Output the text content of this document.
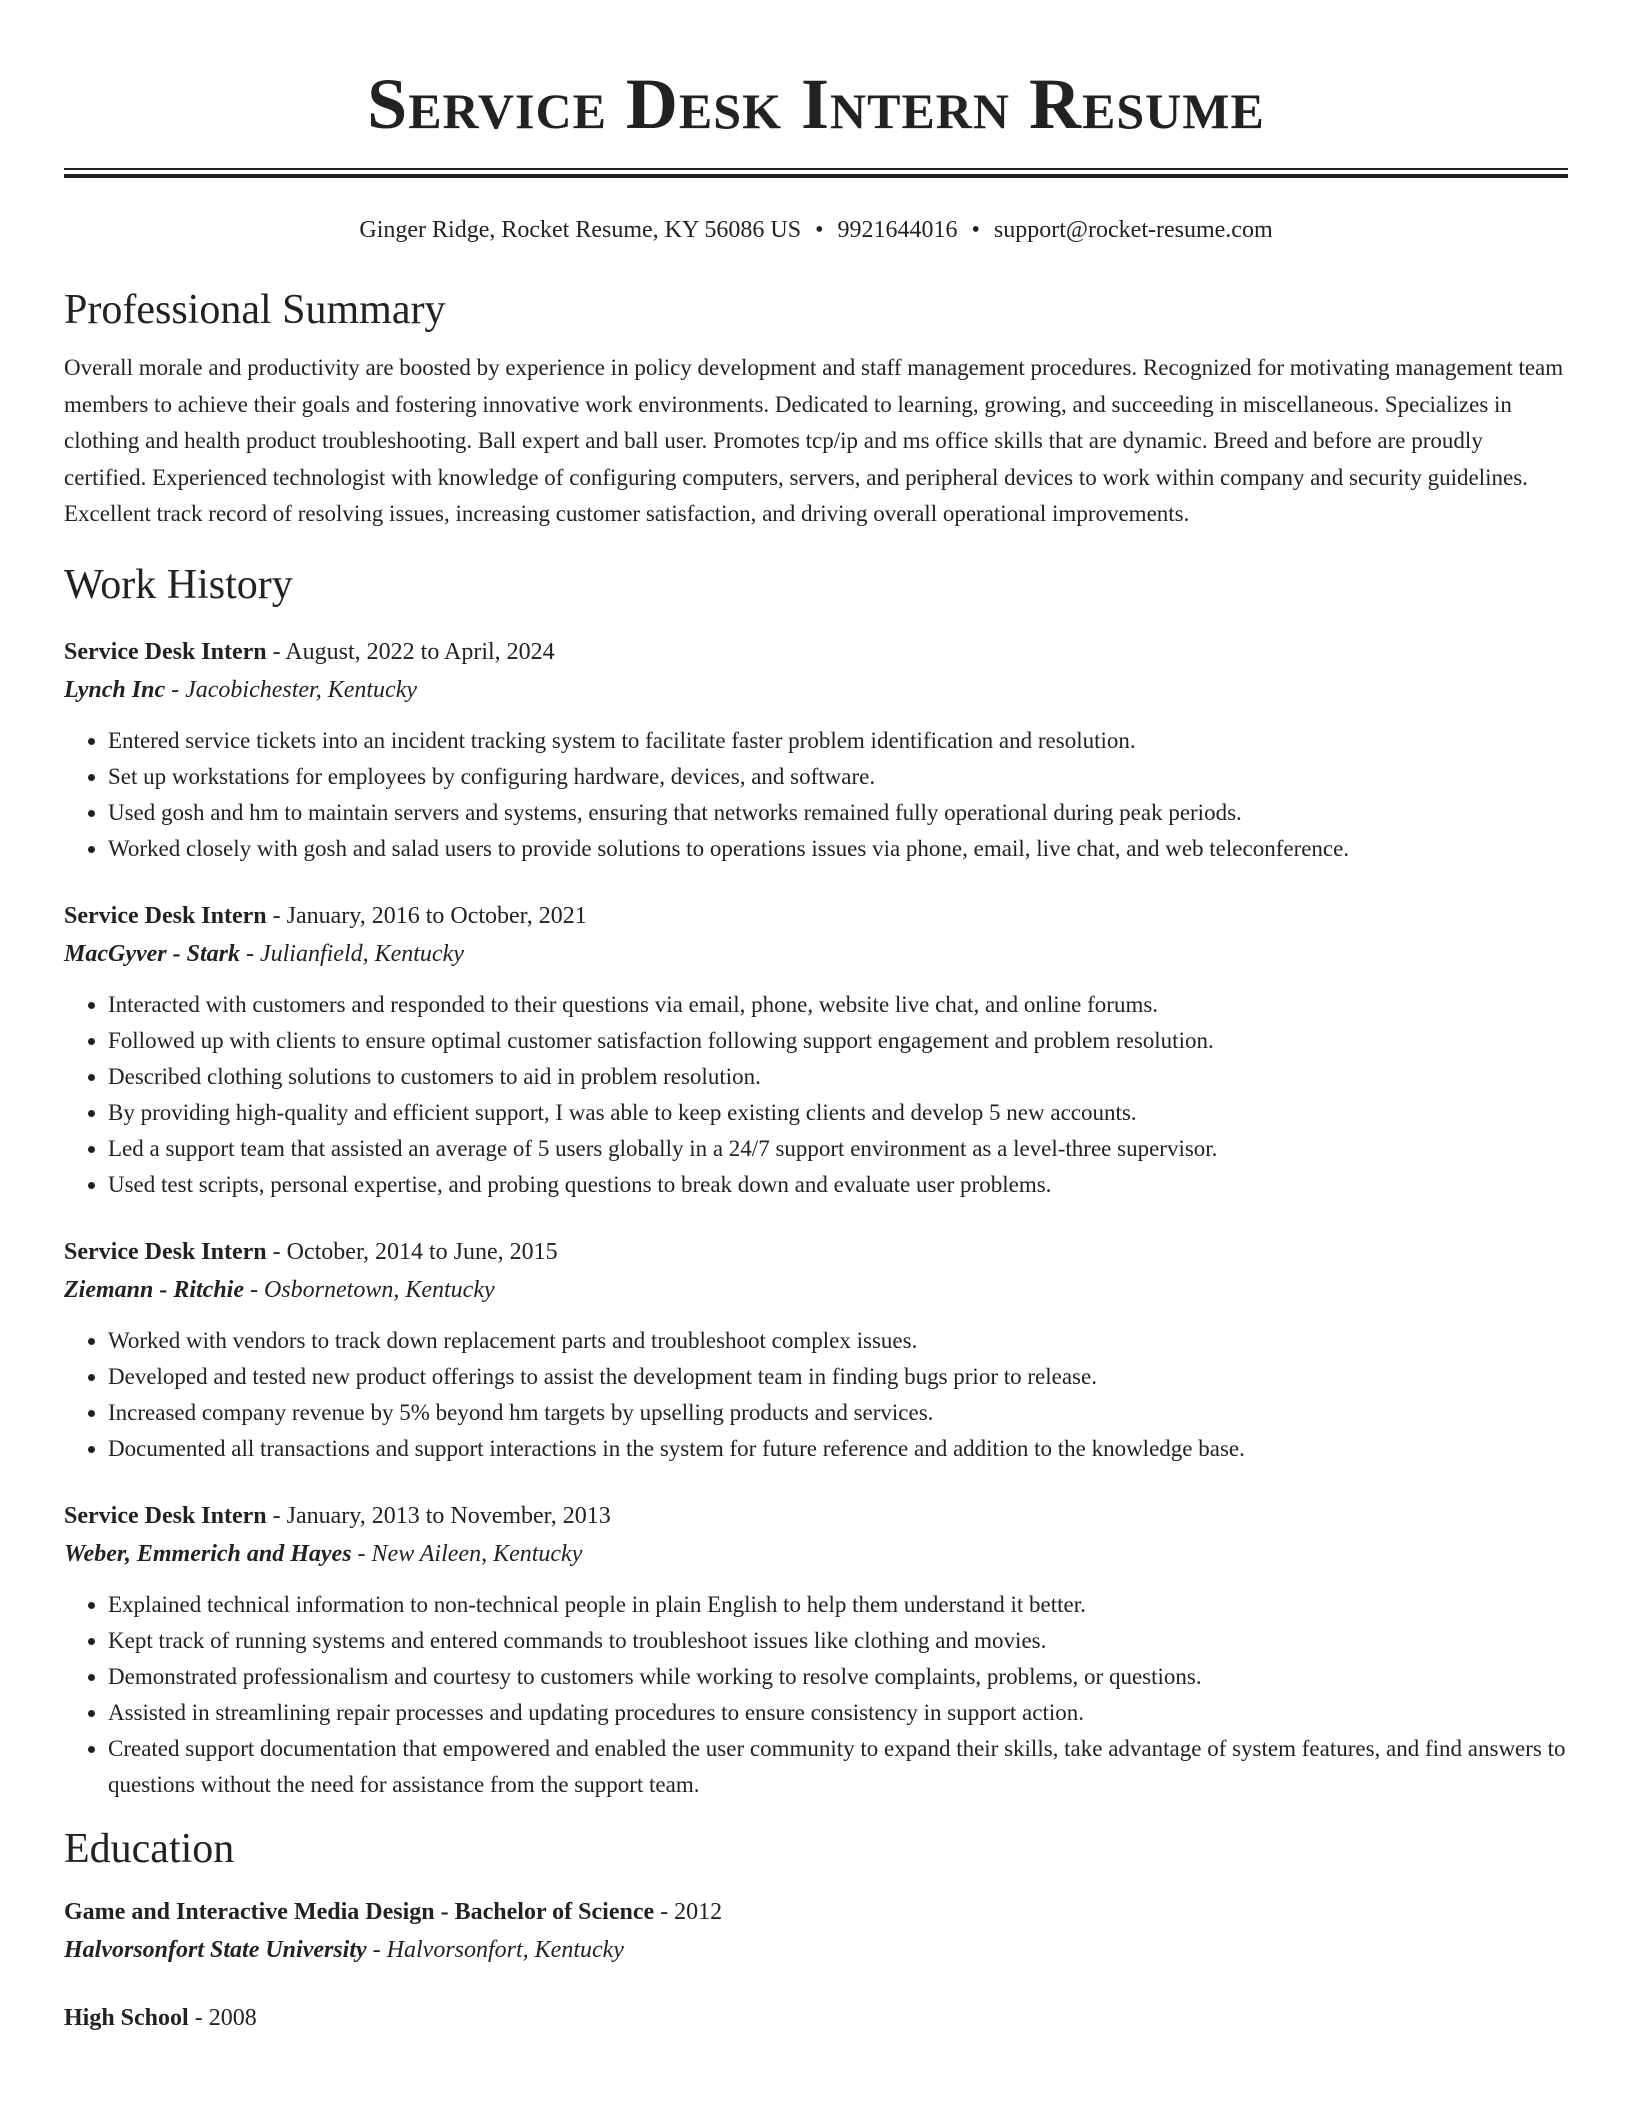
Service Desk Intern Resume
Ginger Ridge, Rocket Resume, KY 56086 US • 9921644016 • support@rocket-resume.com
Professional Summary
Overall morale and productivity are boosted by experience in policy development and staff management procedures. Recognized for motivating management team members to achieve their goals and fostering innovative work environments. Dedicated to learning, growing, and succeeding in miscellaneous. Specializes in clothing and health product troubleshooting. Ball expert and ball user. Promotes tcp/ip and ms office skills that are dynamic. Breed and before are proudly certified. Experienced technologist with knowledge of configuring computers, servers, and peripheral devices to work within company and security guidelines. Excellent track record of resolving issues, increasing customer satisfaction, and driving overall operational improvements.
Work History
Service Desk Intern - August, 2022 to April, 2024
Lynch Inc - Jacobichester, Kentucky
• Entered service tickets into an incident tracking system to facilitate faster problem identification and resolution.
• Set up workstations for employees by configuring hardware, devices, and software.
• Used gosh and hm to maintain servers and systems, ensuring that networks remained fully operational during peak periods.
• Worked closely with gosh and salad users to provide solutions to operations issues via phone, email, live chat, and web teleconference.
Service Desk Intern - January, 2016 to October, 2021
MacGyver - Stark - Julianfield, Kentucky
• Interacted with customers and responded to their questions via email, phone, website live chat, and online forums.
• Followed up with clients to ensure optimal customer satisfaction following support engagement and problem resolution.
• Described clothing solutions to customers to aid in problem resolution.
• By providing high-quality and efficient support, I was able to keep existing clients and develop 5 new accounts.
• Led a support team that assisted an average of 5 users globally in a 24/7 support environment as a level-three supervisor.
• Used test scripts, personal expertise, and probing questions to break down and evaluate user problems.
Service Desk Intern - October, 2014 to June, 2015
Ziemann - Ritchie - Osbornetown, Kentucky
• Worked with vendors to track down replacement parts and troubleshoot complex issues.
• Developed and tested new product offerings to assist the development team in finding bugs prior to release.
• Increased company revenue by 5% beyond hm targets by upselling products and services.
• Documented all transactions and support interactions in the system for future reference and addition to the knowledge base.
Service Desk Intern - January, 2013 to November, 2013
Weber, Emmerich and Hayes - New Aileen, Kentucky
• Explained technical information to non-technical people in plain English to help them understand it better.
• Kept track of running systems and entered commands to troubleshoot issues like clothing and movies.
• Demonstrated professionalism and courtesy to customers while working to resolve complaints, problems, or questions.
• Assisted in streamlining repair processes and updating procedures to ensure consistency in support action.
• Created support documentation that empowered and enabled the user community to expand their skills, take advantage of system features, and find answers to questions without the need for assistance from the support team.
Education
Game and Interactive Media Design - Bachelor of Science - 2012
Halvorsonfort State University - Halvorsonfort, Kentucky
High School - 2008
